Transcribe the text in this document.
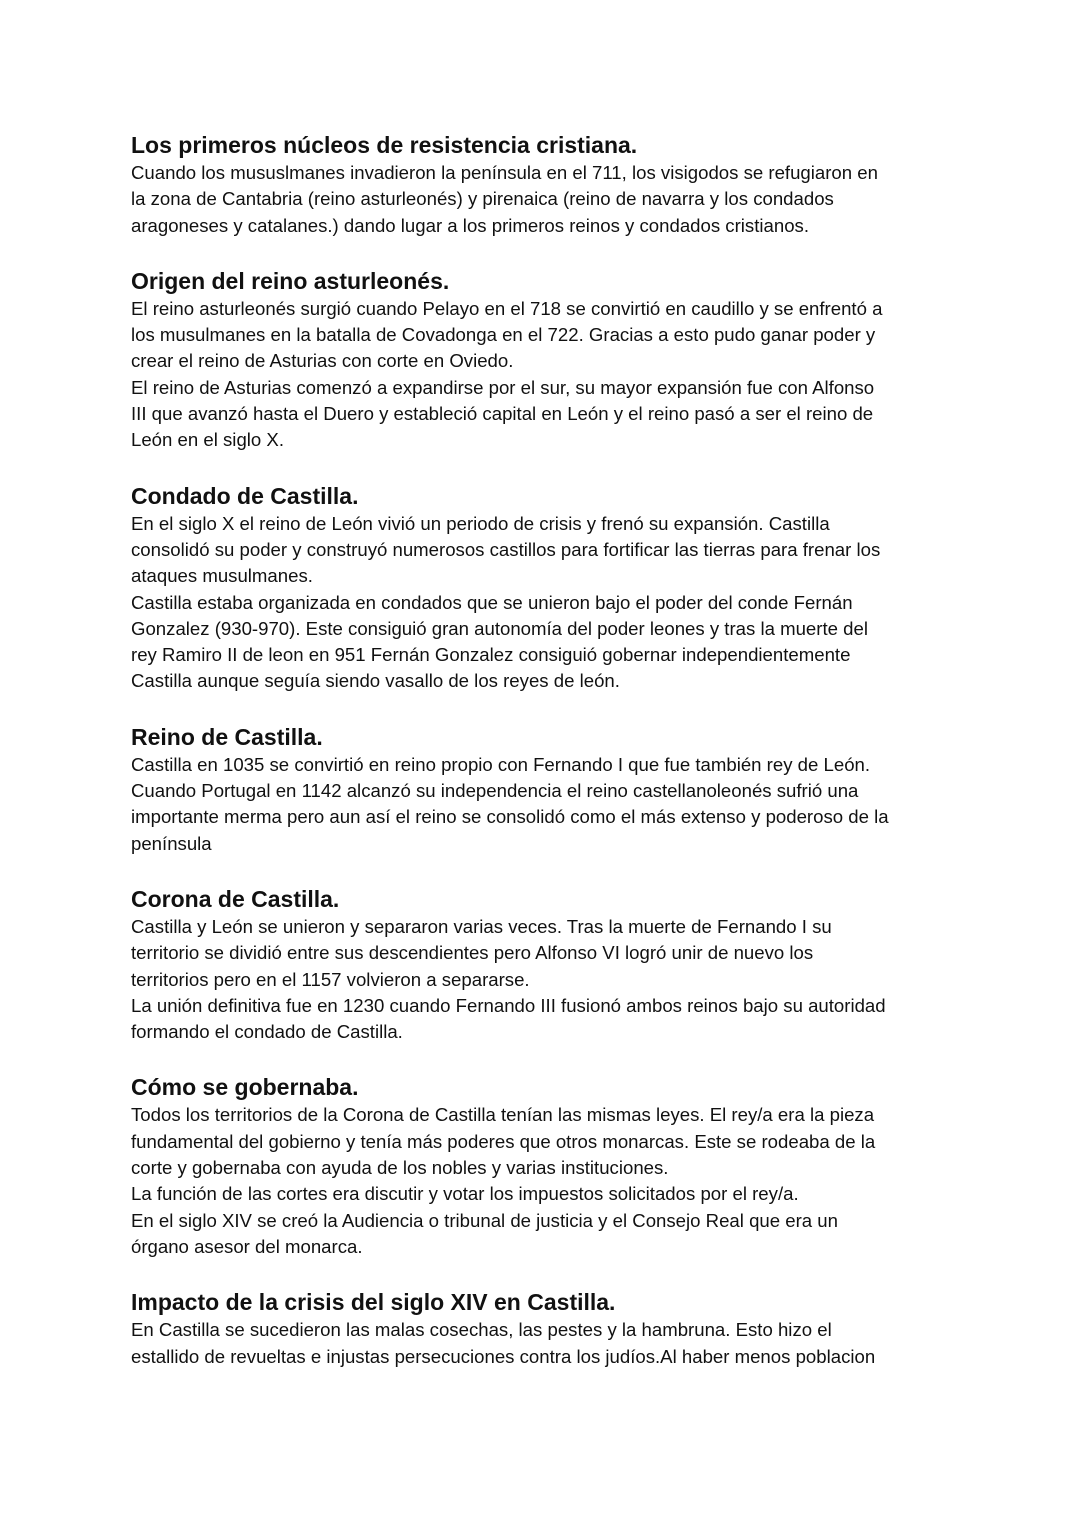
Los primeros núcleos de resistencia cristiana.

Cuando los mususlmanes invadieron la península en el 711, los visigodos se refugiaron en
la zona de Cantabria (reino asturleonés) y pirenaica (reino de navarra y los condados
aragoneses y catalanes.) dando lugar a los primeros reinos y condados cristianos.

Origen del reino asturleonés.

El reino asturleonés surgió cuando Pelayo en el 718 se convirtió en caudillo y se enfrentó a
los musulmanes en la batalla de Covadonga en el 722. Gracias a esto pudo ganar poder y
crear el reino de Asturias con corte en Oviedo.

El reino de Asturias comenzó a expandirse por el sur, su mayor expansión fue con Alfonso
III que avanzó hasta el Duero y estableció capital en León y el reino pasó a ser el reino de
León en el siglo X.

Condado de Castilla.

En el siglo X el reino de León vivió un periodo de crisis y frenó su expansión. Castilla
consolidó su poder y construyó numerosos castillos para fortificar las tierras para frenar los
ataques musulmanes.

Castilla estaba organizada en condados que se unieron bajo el poder del conde Fernán
Gonzalez (930-970). Este consiguió gran autonomía del poder leones y tras la muerte del
rey Ramiro II de leon en 951 Fernán Gonzalez consiguió gobernar independientemente
Castilla aunque seguía siendo vasallo de los reyes de león.

Reino de Castilla.

Castilla en 1035 se convirtió en reino propio con Fernando I que fue también rey de León.
Cuando Portugal en 1142 alcanzó su independencia el reino castellanoleonés sufrió una
importante merma pero aun así el reino se consolidó como el más extenso y poderoso de la
península

Corona de Castilla.

Castilla y León se unieron y separaron varias veces. Tras la muerte de Fernando I su
territorio se dividió entre sus descendientes pero Alfonso VI logró unir de nuevo los
territorios pero en el 1157 volvieron a separarse.

La unión definitiva fue en 1230 cuando Fernando III fusionó ambos reinos bajo su autoridad
formando el condado de Castilla.

Cómo se gobernaba.

Todos los territorios de la Corona de Castilla tenían las mismas leyes. El rey/a era la pieza
fundamental del gobierno y tenía más poderes que otros monarcas. Este se rodeaba de la
corte y gobernaba con ayuda de los nobles y varias instituciones.

La función de las cortes era discutir y votar los impuestos solicitados por el rey/a.

En el siglo XIV se creó la Audiencia o tribunal de justicia y el Consejo Real que era un
órgano asesor del monarca.

Impacto de la crisis del siglo XIV en Castilla.

En Castilla se sucedieron las malas cosechas, las pestes y la hambruna. Esto hizo el
estallido de revueltas e injustas persecuciones contra los judíos.Al haber menos poblacion
